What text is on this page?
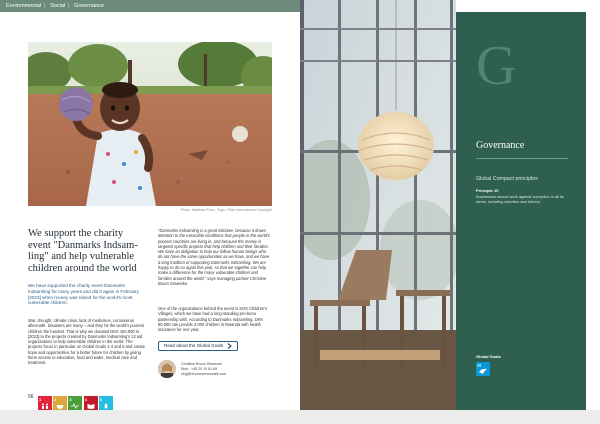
Environmental | Social | Governance
Photo: Matthew Poon. Togo / Plan International Copyright
We support the charity event "Danmarks Indsam-ling" and help vulnerable children around the world
We have supported the charity event Danmarks Indsamling for many years and did it again in February [2023] when money was raised for the world's most vulnerable children.
War, drought, climate crisis, lack of medicines, coronavirus aftermath. Disasters are many – and they hit the world's poorest children the hardest. That is why we donated DKK 150,000 in [2023] to the projects created by Danmarks Indsamling's 12 aid organizations to help vulnerable children in the world. The projects focus in particular on Global Goals 1-4 and 6 and create hope and opportunities for a better future for children by giving them access to education, food and water, medical care and treatment.
"Danmarks Indsamling is a great initiative, because it draws attention to the miserable conditions that people in the world's poorest countries are living in, and because the money is targeted specific projects that help children and their families. We have an obligation to help our fellow human beings who do not have the same opportunities as we have, and we have a long tradition of supporting Danmarks Indsamling. We are happy to do so again this year, so that we together can help make a difference for the many vulnerable children and families around the world," says managing partner Christine Bruun Gewecke.
One of the organizations behind the event is SOS Children's Villages, which we have had a long-standing pro-bono partnership with. According to Danmarks Indsamling, DKK 90,000 can provide 2,000 children in Rwanda with health insurance for one year.
Read about the Global Goals
Christine Bruun Gewecke
Mob.: +45 20 10 61 69
cbg@bruunoverbunnelt.com
56 1	2	3	4	6
G
Governance
Global Compact principles
Principle 10
Businesses should work against corruption in all its forms, including extortion and bribery.
Global Goals
16
